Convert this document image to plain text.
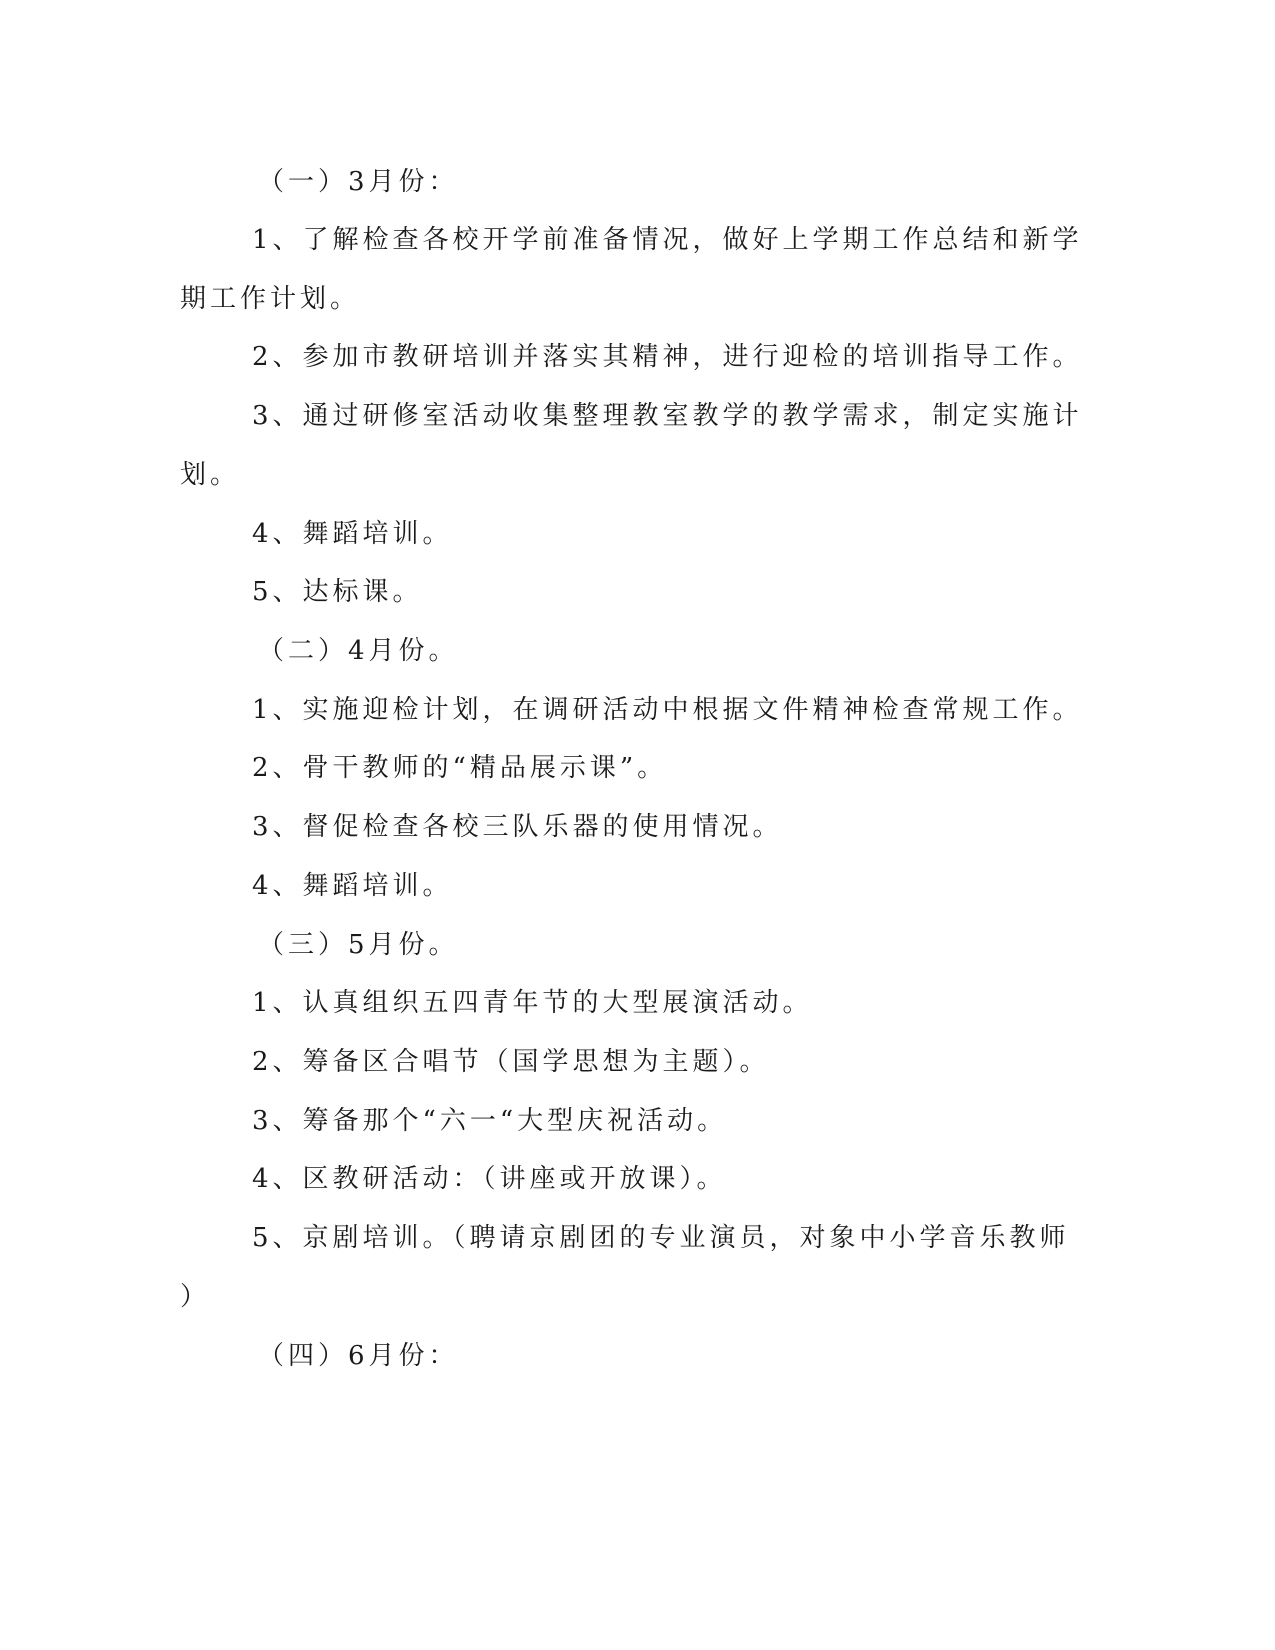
（一）3月份：
1、了解检查各校开学前准备情况，做好上学期工作总结和新学
期工作计划。
2、参加市教研培训并落实其精神，进行迎检的培训指导工作。
3、通过研修室活动收集整理教室教学的教学需求，制定实施计
划。
4、舞蹈培训。
5、达标课。
（二）4月份。
1、实施迎检计划，在调研活动中根据文件精神检查常规工作。
2、骨干教师的“精品展示课”。
3、督促检查各校三队乐器的使用情况。
4、舞蹈培训。
（三）5月份。
1、认真组织五四青年节的大型展演活动。
2、筹备区合唱节（国学思想为主题）。
3、筹备那个“六一“大型庆祝活动。
4、区教研活动：（讲座或开放课）。
5、京剧培训。（聘请京剧团的专业演员，对象中小学音乐教师
）
（四）6月份：
